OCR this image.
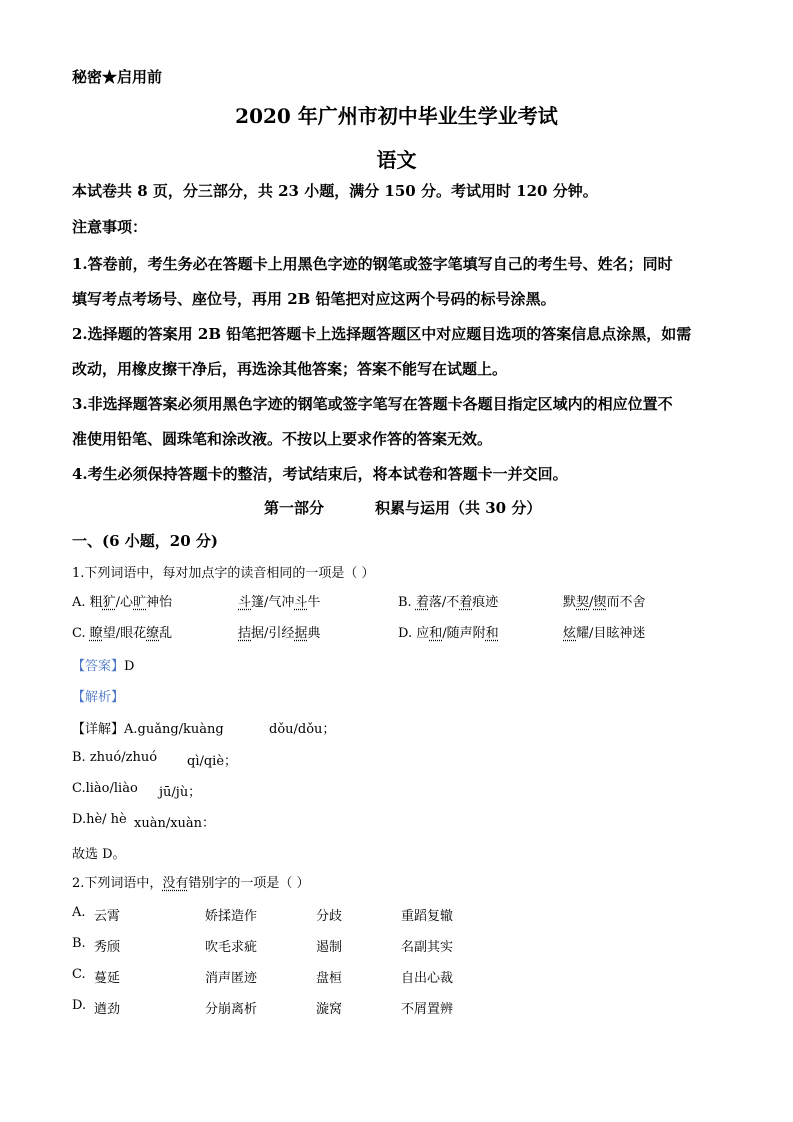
秘密★启用前
2020 年广州市初中毕业生学业考试
语文
本试卷共 8 页，分三部分，共 23 小题，满分 150 分。考试用时 120 分钟。
注意事项：
1.答卷前，考生务必在答题卡上用黑色字迹的钢笔或签字笔填写自己的考生号、姓名；同时
填写考点考场号、座位号，再用 2B 铅笔把对应这两个号码的标号涂黑。
2.选择题的答案用 2B 铅笔把答题卡上选择题答题区中对应题目选项的答案信息点涂黑，如需
改动，用橡皮擦干净后，再选涂其他答案；答案不能写在试题上。
3.非选择题答案必须用黑色字迹的钢笔或签字笔写在答题卡各题目指定区域内的相应位置不
准使用铅笔、圆珠笔和涂改液。不按以上要求作答的答案无效。
4.考生必须保持答题卡的整洁，考试结束后，将本试卷和答题卡一并交回。
第一部分	积累与运用（共 30 分）
一、(6 小题，20 分)
1.下列词语中，每对加点字的读音相同的一项是（ ）
A. 粗犷/心旷神怡	斗篷/气冲斗牛	B. 着落/不着痕迹	默契/锲而不舍
C. 瞭望/眼花缭乱	拮据/引经据典	D. 应和/随声附和	炫耀/目眩神迷
【答案】D
【解析】
【详解】A.guǎng/kuàng	dǒu/dǒu；
B. zhuó/zhuó qì/qiè；
C.liào/liào jū/jù；
D.hè/ hè xuàn/xuàn：
故选 D。
2.下列词语中，没有错别字的一项是（ ）
A. 云霄	娇揉造作	分歧	重蹈复辙
B. 秀颀	吹毛求疵	遏制	名副其实
C. 蔓延	消声匿迹	盘桓	自出心裁
D. 遒劲	分崩离析	漩窝	不屑置辨
